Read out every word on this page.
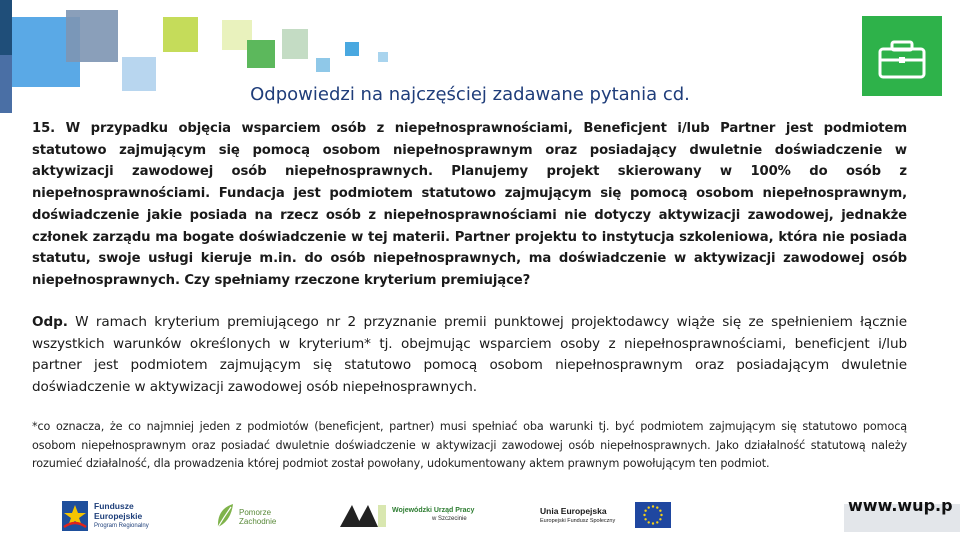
Odpowiedzi na najczęściej zadawane pytania cd.
15. W przypadku objęcia wsparciem osób z niepełnosprawnościami, Beneficjent i/lub Partner jest podmiotem statutowo zajmującym się pomocą osobom niepełnosprawnym oraz posiadający dwuletnie doświadczenie w aktywizacji zawodowej osób niepełnosprawnych. Planujemy projekt skierowany w 100% do osób z niepełnosprawnościami. Fundacja jest podmiotem statutowo zajmującym się pomocą osobom niepełnosprawnym, doświadczenie jakie posiada na rzecz osób z niepełnosprawnościami nie dotyczy aktywizacji zawodowej, jednakże członek zarządu ma bogate doświadczenie w tej materii. Partner projektu to instytucja szkoleniowa, która nie posiada statutu, swoje usługi kieruje m.in. do osób niepełnosprawnych, ma doświadczenie w aktywizacji zawodowej osób niepełnosprawnych. Czy spełniamy rzeczone kryterium premiujące?
Odp. W ramach kryterium premiującego nr 2 przyznanie premii punktowej projektodawcy wiąże się ze spełnieniem łącznie wszystkich warunków określonych w kryterium* tj. obejmując wsparciem osoby z niepełnosprawnościami, beneficjent i/lub partner jest podmiotem zajmującym się statutowo pomocą osobom niepełnosprawnym oraz posiadającym dwuletnie doświadczenie w aktywizacji zawodowej osób niepełnosprawnych.
*co oznacza, że co najmniej jeden z podmiotów (beneficjent, partner) musi spełniać oba warunki tj. być podmiotem zajmującym się statutowo pomocą osobom niepełnosprawnym oraz posiadać dwuletnie doświadczenie w aktywizacji zawodowej osób niepełnosprawnych. Jako działalność statutową należy rozumieć działalność, dla prowadzenia której podmiot został powołany, udokumentowany aktem prawnym powołującym ten podmiot.
Fundusze
Europejskie
Program Regionalny
Pomorze
Zachodnie
Wojewódzki Urząd Pracy
w Szczecinie
Unia Europejska
Europejski Fundusz Społeczny
www.wup.p
